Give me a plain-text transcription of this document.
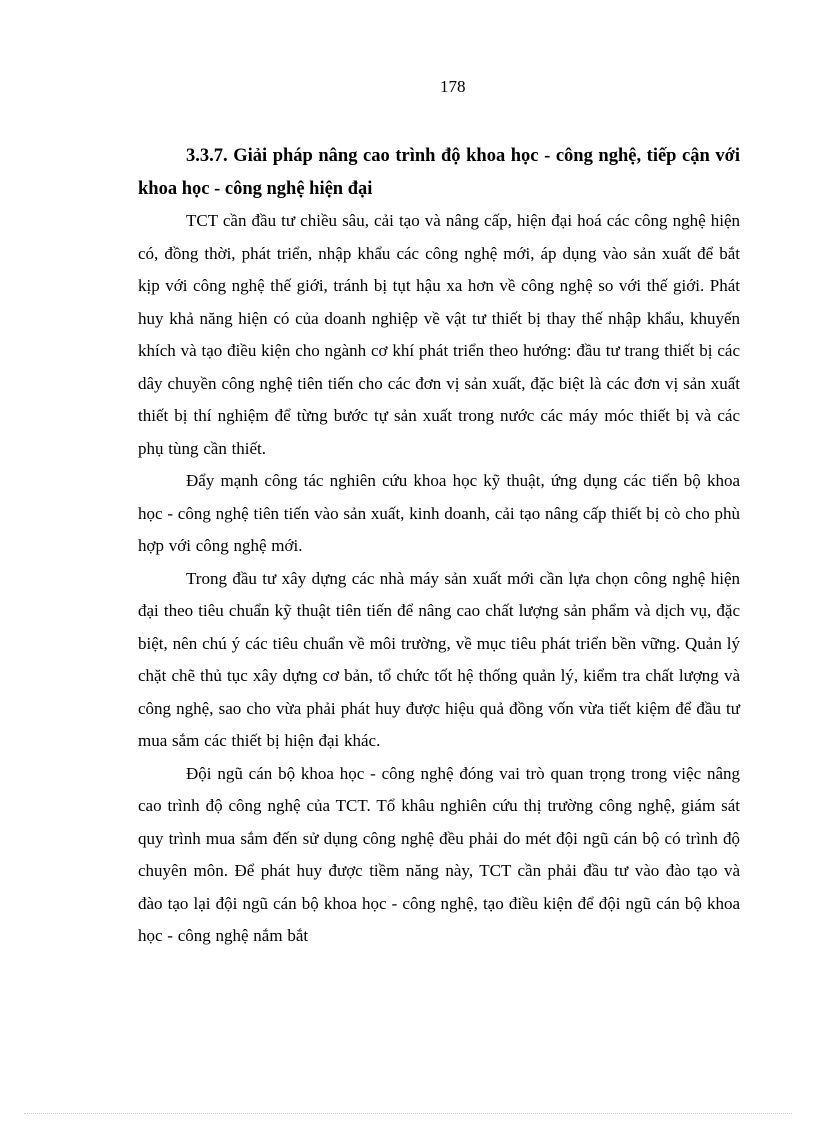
178

3.3.7. Giải pháp nâng cao trình độ khoa học - công nghệ, tiếp cận với khoa học - công nghệ hiện đại

TCT cần đầu tư chiều sâu, cải tạo và nâng cấp, hiện đại hoá các công nghệ hiện có, đồng thời, phát triển, nhập khẩu các công nghệ mới, áp dụng vào sản xuất để bắt kịp với công nghệ thế giới, tránh bị tụt hậu xa hơn về công nghệ so với thế giới. Phát huy khả năng hiện có của doanh nghiệp về vật tư thiết bị thay thế nhập khẩu, khuyến khích và tạo điều kiện cho ngành cơ khí phát triển theo hướng: đầu tư trang thiết bị các dây chuyền công nghệ tiên tiến cho các đơn vị sản xuất, đặc biệt là các đơn vị sản xuất thiết bị thí nghiệm để từng bước tự sản xuất trong nước các máy móc thiết bị và các phụ tùng cần thiết.

Đẩy mạnh công tác nghiên cứu khoa học kỹ thuật, ứng dụng các tiến bộ khoa học - công nghệ tiên tiến vào sản xuất, kinh doanh, cải tạo nâng cấp thiết bị cò cho phù hợp với công nghệ mới.

Trong đầu tư xây dựng các nhà máy sản xuất mới cần lựa chọn công nghệ hiện đại theo tiêu chuẩn kỹ thuật tiên tiến để nâng cao chất lượng sản phẩm và dịch vụ, đặc biệt, nên chú ý các tiêu chuẩn về môi trường, về mục tiêu phát triển bền vững. Quản lý chặt chẽ thủ tục xây dựng cơ bản, tổ chức tốt hệ thống quản lý, kiểm tra chất lượng và công nghệ, sao cho vừa phải phát huy được hiệu quả đồng vốn vừa tiết kiệm để đầu tư mua sắm các thiết bị hiện đại khác.

Đội ngũ cán bộ khoa học - công nghệ đóng vai trò quan trọng trong việc nâng cao trình độ công nghệ của TCT. Tổ khâu nghiên cứu thị trường công nghệ, giám sát quy trình mua sắm đến sử dụng công nghệ đều phải do mét đội ngũ cán bộ có trình độ chuyên môn. Để phát huy được tiềm năng này, TCT cần phải đầu tư vào đào tạo và đào tạo lại đội ngũ cán bộ khoa học - công nghệ, tạo điều kiện để đội ngũ cán bộ khoa học - công nghệ nắm bắt
